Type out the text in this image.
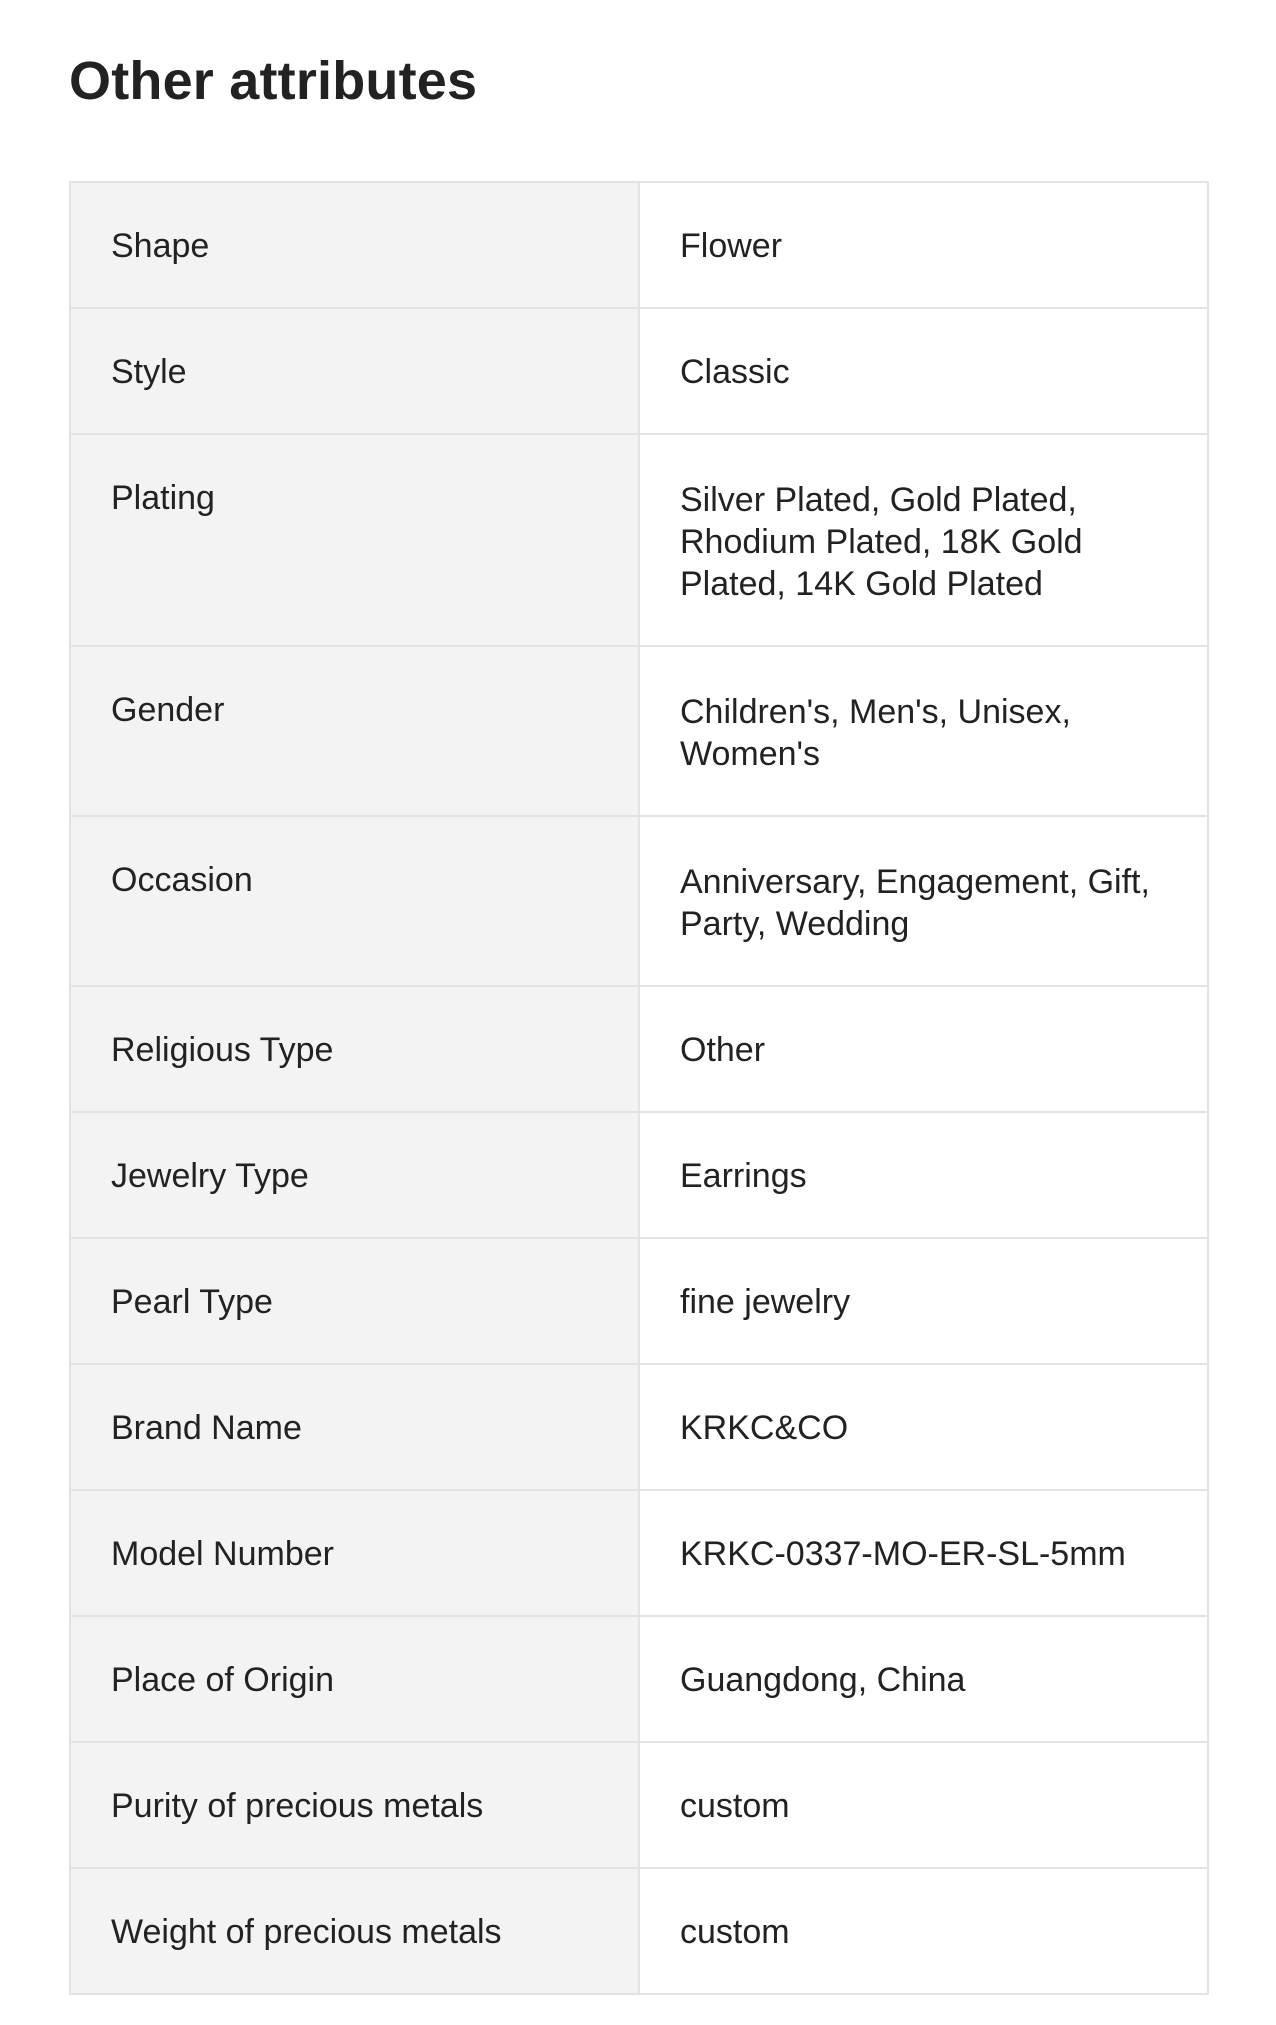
Other attributes
Shape	Flower
Style	Classic
Plating	Silver Plated, Gold Plated, Rhodium Plated, 18K Gold Plated, 14K Gold Plated
Gender	Children's, Men's, Unisex, Women's
Occasion	Anniversary, Engagement, Gift, Party, Wedding
Religious Type	Other
Jewelry Type	Earrings
Pearl Type	fine jewelry
Brand Name	KRKC&CO
Model Number	KRKC-0337-MO-ER-SL-5mm
Place of Origin	Guangdong, China
Purity of precious metals	custom
Weight of precious metals	custom
